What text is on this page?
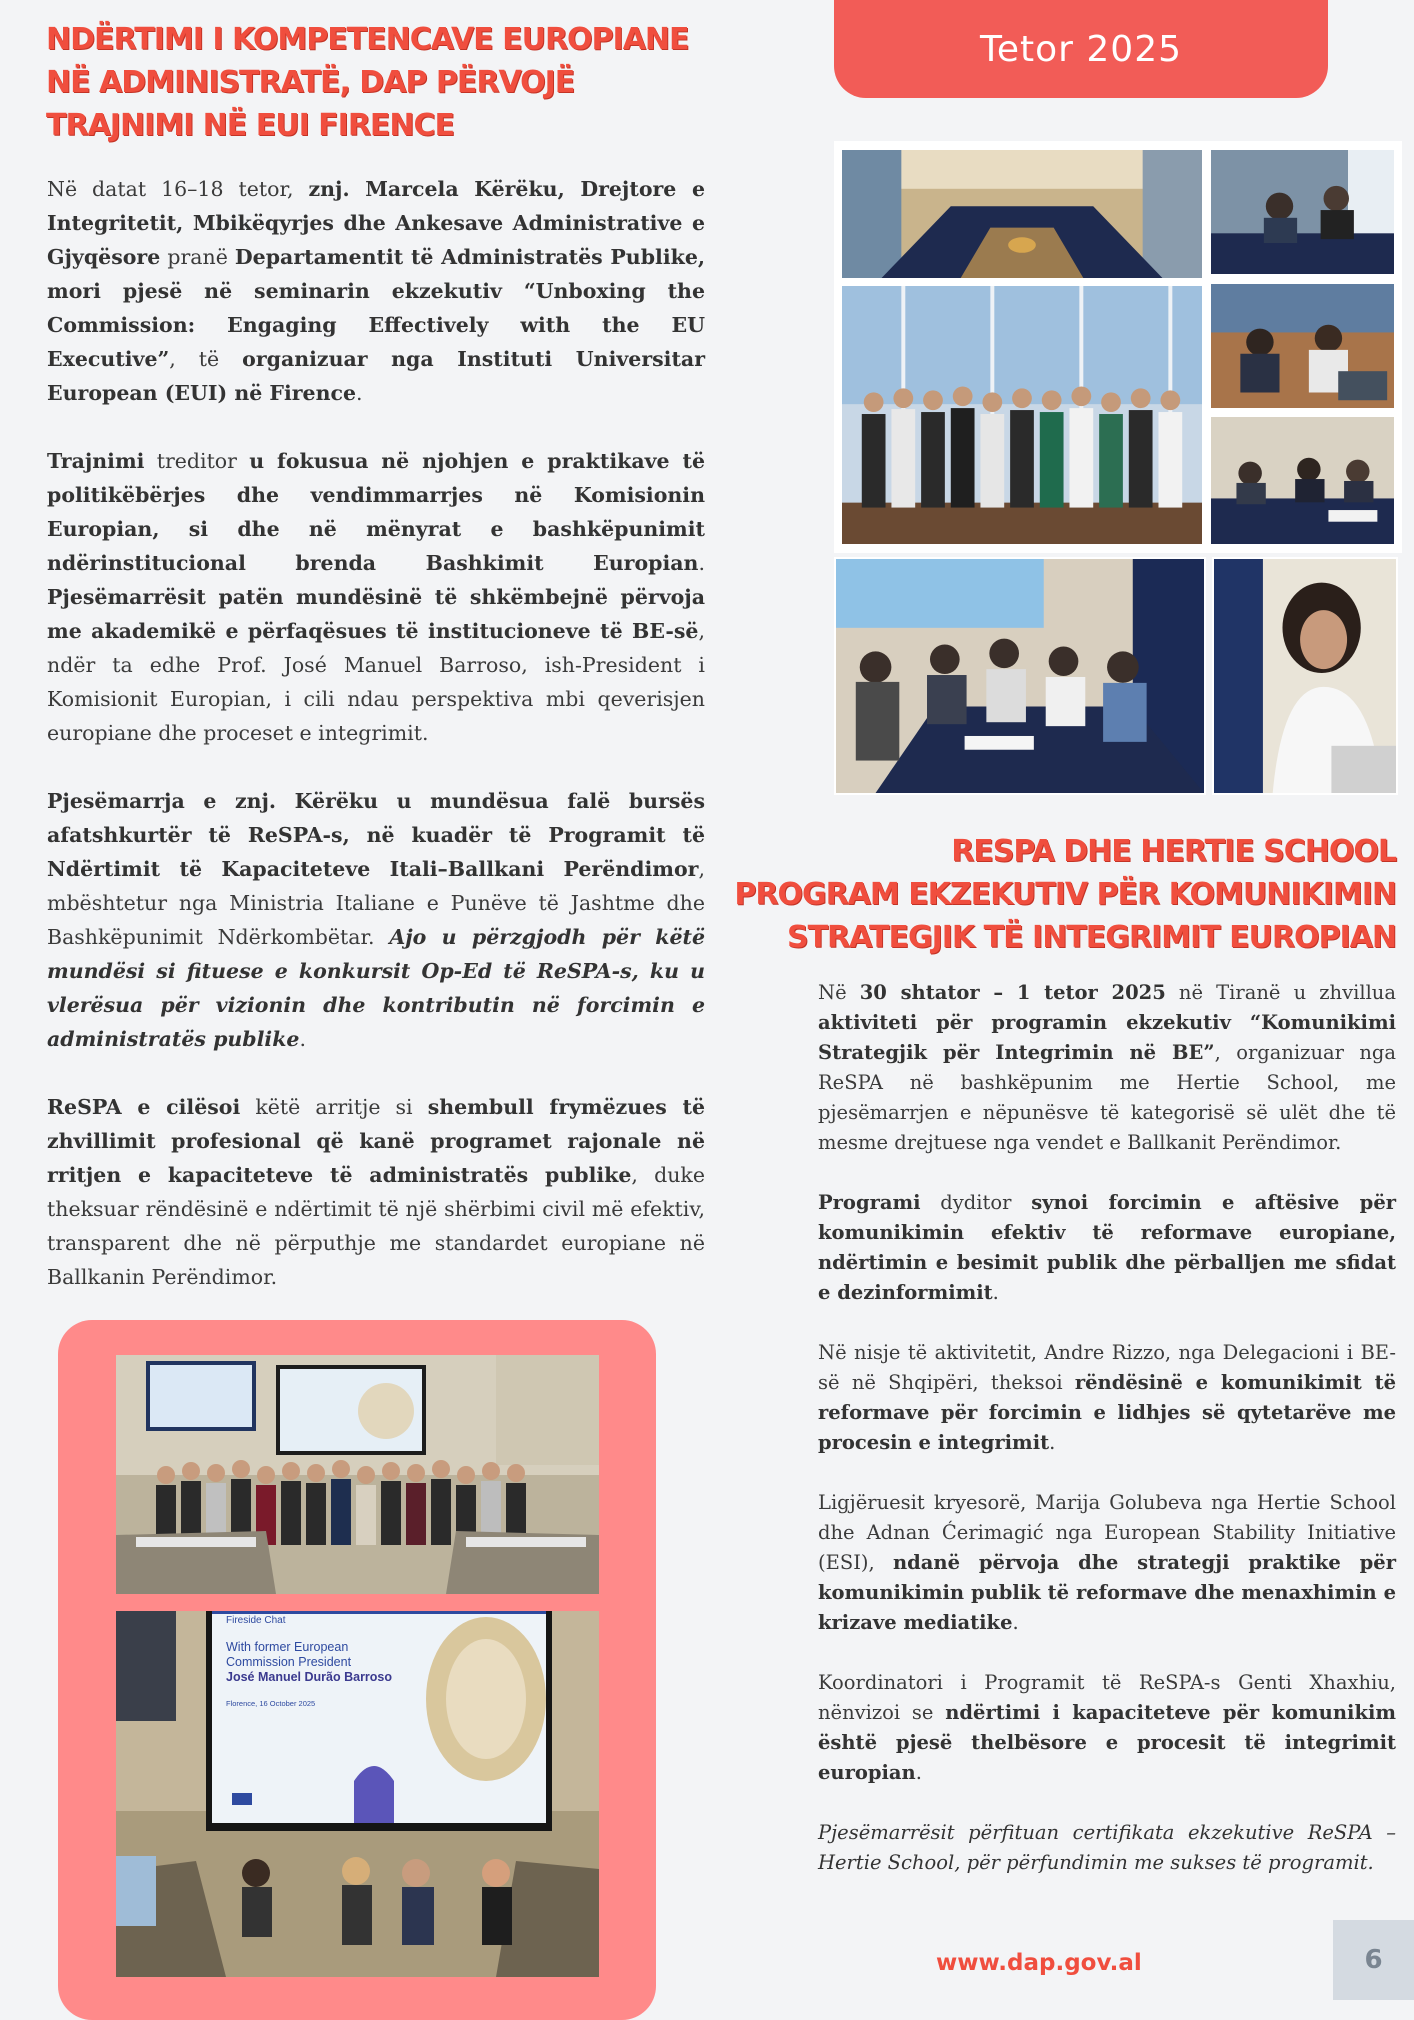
NDËRTIMI I KOMPETENCAVE EUROPIANE
NË ADMINISTRATË, DAP PËRVOJË
TRAJNIMI NË EUI FIRENCE
Tetor 2025

Në datat 16–18 tetor, znj. Marcela Kërëku, Drejtore e Integritetit, Mbikëqyrjes dhe Ankesave Administrative e Gjyqësore pranë Departamentit të Administratës Publike, mori pjesë në seminarin ekzekutiv “Unboxing the Commission: Engaging Effectively with the EU Executive”, të organizuar nga Instituti Universitar European (EUI) në Firence.

Trajnimi treditor u fokusua në njohjen e praktikave të politikëbërjes dhe vendimmarrjes në Komisionin Europian, si dhe në mënyrat e bashkëpunimit ndërinstitucional brenda Bashkimit Europian. Pjesëmarrësit patën mundësinë të shkëmbejnë përvoja me akademikë e përfaqësues të institucioneve të BE-së, ndër ta edhe Prof. José Manuel Barroso, ish-President i Komisionit Europian, i cili ndau perspektiva mbi qeverisjen europiane dhe proceset e integrimit.

Pjesëmarrja e znj. Kërëku u mundësua falë bursës afatshkurtër të ReSPA-s, në kuadër të Programit të Ndërtimit të Kapaciteteve Itali–Ballkani Perëndimor, mbështetur nga Ministria Italiane e Punëve të Jashtme dhe Bashkëpunimit Ndërkombëtar. Ajo u përzgjodh për këtë mundësi si fituese e konkursit Op-Ed të ReSPA-s, ku u vlerësua për vizionin dhe kontributin në forcimin e administratës publike.

ReSPA e cilësoi këtë arritje si shembull frymëzues të zhvillimit profesional që kanë programet rajonale në rritjen e kapaciteteve të administratës publike, duke theksuar rëndësinë e ndërtimit të një shërbimi civil më efektiv, transparent dhe në përputhje me standardet europiane në Ballkanin Perëndimor.

RESPA DHE HERTIE SCHOOL
PROGRAM EKZEKUTIV PËR KOMUNIKIMIN
STRATEGJIK TË INTEGRIMIT EUROPIAN

Në 30 shtator – 1 tetor 2025 në Tiranë u zhvillua aktiviteti për programin ekzekutiv “Komunikimi Strategjik për Integrimin në BE”, organizuar nga ReSPA në bashkëpunim me Hertie School, me pjesëmarrjen e nëpunësve të kategorisë së ulët dhe të mesme drejtuese nga vendet e Ballkanit Perëndimor.

Programi dyditor synoi forcimin e aftësive për komunikimin efektiv të reformave europiane, ndërtimin e besimit publik dhe përballjen me sfidat e dezinformimit.

Në nisje të aktivitetit, Andre Rizzo, nga Delegacioni i BE-së në Shqipëri, theksoi rëndësinë e komunikimit të reformave për forcimin e lidhjes së qytetarëve me procesin e integrimit.

Ligjëruesit kryesorë, Marija Golubeva nga Hertie School dhe Adnan Ćerimagić nga European Stability Initiative (ESI), ndanë përvoja dhe strategji praktike për komunikimin publik të reformave dhe menaxhimin e krizave mediatike.

Koordinatori i Programit të ReSPA-s Genti Xhaxhiu, nënvizoi se ndërtimi i kapaciteteve për komunikim është pjesë thelbësore e procesit të integrimit europian.

Pjesëmarrësit përfituan certifikata ekzekutive ReSPA – Hertie School, për përfundimin me sukses të programit.

Fireside Chat
With former European
Commission President
José Manuel Durão Barroso
Florence, 16 October 2025
www.dap.gov.al	6
